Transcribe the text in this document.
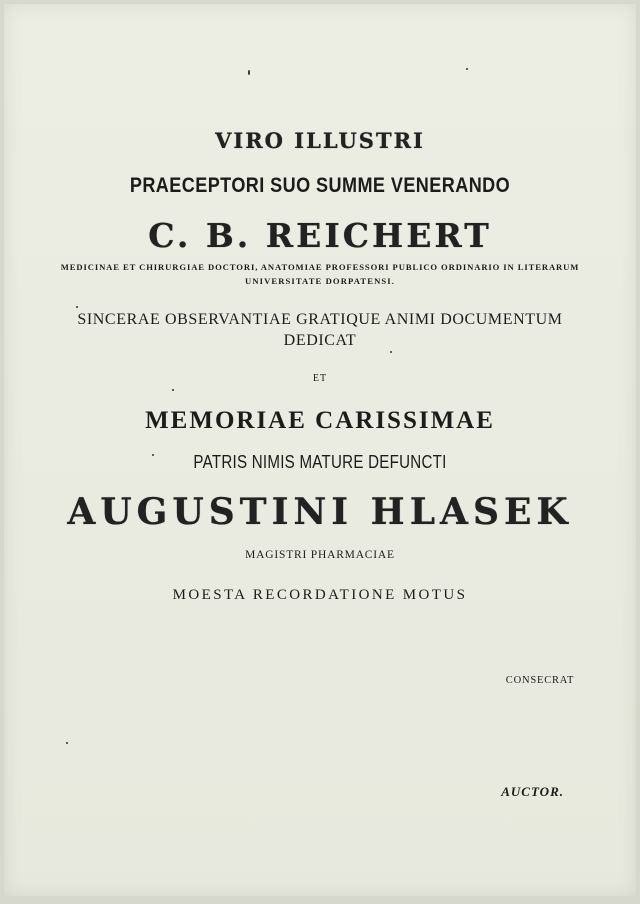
VIRO ILLUSTRI
PRAECEPTORI SUO SUMME VENERANDO
C. B. REICHERT
MEDICINAE ET CHIRURGIAE DOCTORI, ANATOMIAE PROFESSORI PUBLICO ORDINARIO IN LITERARUM
UNIVERSITATE DORPATENSI.
SINCERAE OBSERVANTIAE GRATIQUE ANIMI DOCUMENTUM
DEDICAT
ET
MEMORIAE CARISSIMAE
PATRIS NIMIS MATURE DEFUNCTI
AUGUSTINI HLASEK
MAGISTRI PHARMACIAE
MOESTA RECORDATIONE MOTUS
CONSECRAT
AUCTOR.
